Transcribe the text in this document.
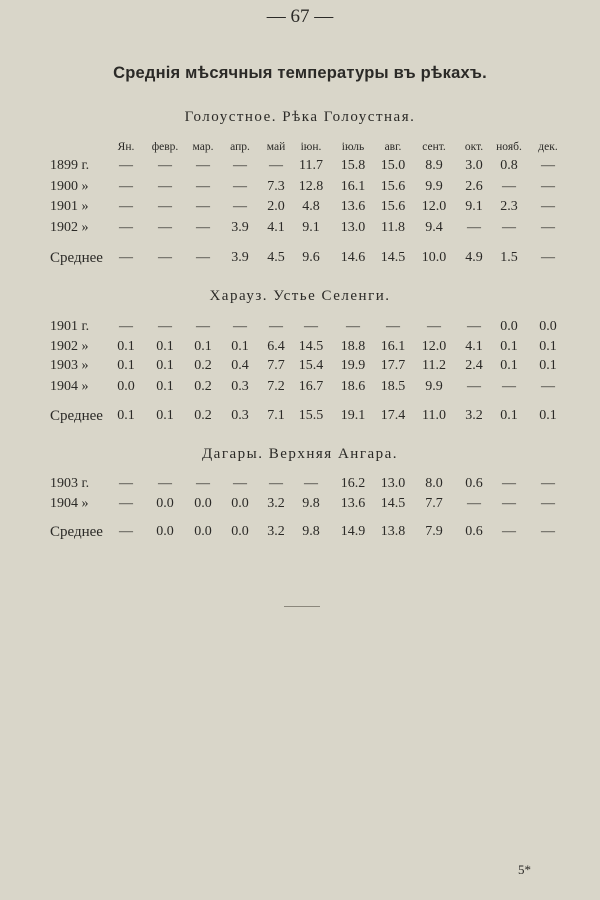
— 67 —
Среднія мѣсячныя температуры въ рѣкахъ.
Голоустное. Рѣка Голоустная.
Ян. февр. мар. апр. май іюн. іюль авг. сент. окт. нояб. дек.
1899 г. — — — — — 11.7 15.8 15.0 8.9 3.0 0.8 —
1900 » — — — — 7.3 12.8 16.1 15.6 9.9 2.6 — —
1901 » — — — — 2.0 4.8 13.6 15.6 12.0 9.1 2.3 —
1902 » — — — 3.9 4.1 9.1 13.0 11.8 9.4 — — —
Среднее — — — 3.9 4.5 9.6 14.6 14.5 10.0 4.9 1.5 —
Харауз. Устье Селенги.
1901 г. — — — — — — — — — — 0.0 0.0
1902 » 0.1 0.1 0.1 0.1 6.4 14.5 18.8 16.1 12.0 4.1 0.1 0.1
1903 » 0.1 0.1 0.2 0.4 7.7 15.4 19.9 17.7 11.2 2.4 0.1 0.1
1904 » 0.0 0.1 0.2 0.3 7.2 16.7 18.6 18.5 9.9 — — —
Среднее 0.1 0.1 0.2 0.3 7.1 15.5 19.1 17.4 11.0 3.2 0.1 0.1
Дагары. Верхняя Ангара.
1903 г. — — — — — — 16.2 13.0 8.0 0.6 — —
1904 » — 0.0 0.0 0.0 3.2 9.8 13.6 14.5 7.7 — — —
Среднее — 0.0 0.0 0.0 3.2 9.8 14.9 13.8 7.9 0.6 — —
5*
